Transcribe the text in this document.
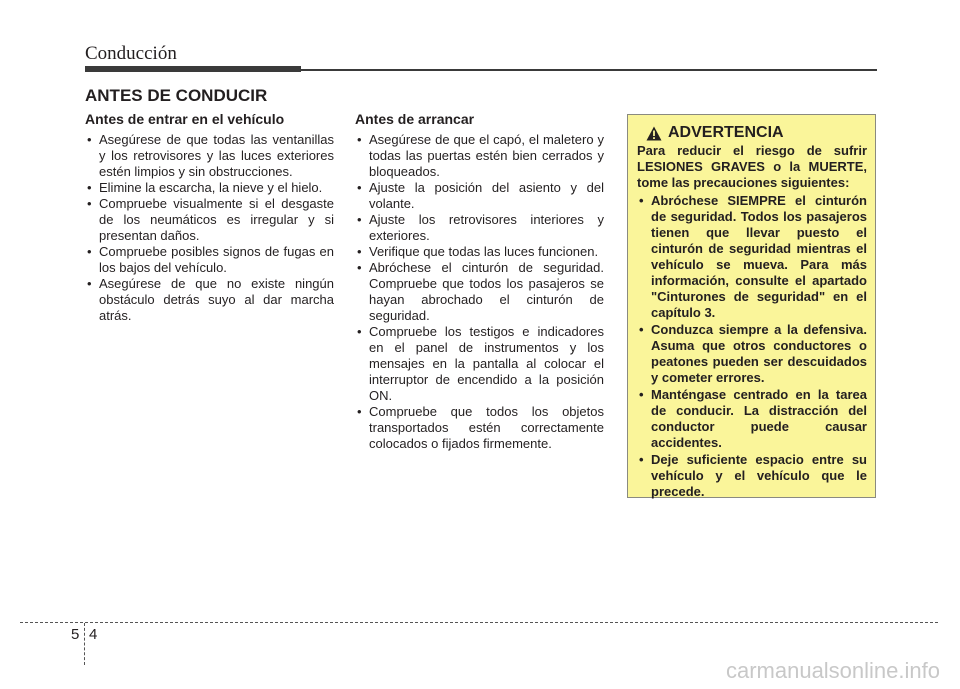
Conducción
ANTES DE CONDUCIR
Antes de entrar en el vehículo
• Asegúrese de que todas las ventanillas y los retrovisores y las luces exteriores estén limpios y sin obstrucciones.
• Elimine la escarcha, la nieve y el hielo.
• Compruebe visualmente si el desgaste de los neumáticos es irregular y si presentan daños.
• Compruebe posibles signos de fugas en los bajos del vehículo.
• Asegúrese de que no existe ningún obstáculo detrás suyo al dar marcha atrás.
Antes de arrancar
• Asegúrese de que el capó, el maletero y todas las puertas estén bien cerrados y bloqueados.
• Ajuste la posición del asiento y del volante.
• Ajuste los retrovisores interiores y exteriores.
• Verifique que todas las luces funcionen.
• Abróchese el cinturón de seguridad. Compruebe que todos los pasajeros se hayan abrochado el cinturón de seguridad.
• Compruebe los testigos e indicadores en el panel de instrumentos y los mensajes en la pantalla al colocar el interruptor de encendido a la posición ON.
• Compruebe que todos los objetos transportados estén correctamente colocados o fijados firmemente.
ADVERTENCIA

Para reducir el riesgo de sufrir LESIONES GRAVES o la MUERTE, tome las precauciones siguientes:

• Abróchese SIEMPRE el cinturón de seguridad. Todos los pasajeros tienen que llevar puesto el cinturón de seguridad mientras el vehículo se mueva. Para más información, consulte el apartado "Cinturones de seguridad" en el capítulo 3.
• Conduzca siempre a la defensiva. Asuma que otros conductores o peatones pueden ser descuidados y cometer errores.
• Manténgase centrado en la tarea de conducir. La distracción del conductor puede causar accidentes.
• Deje suficiente espacio entre su vehículo y el vehículo que le precede.
5 4
carmanualsonline.info
